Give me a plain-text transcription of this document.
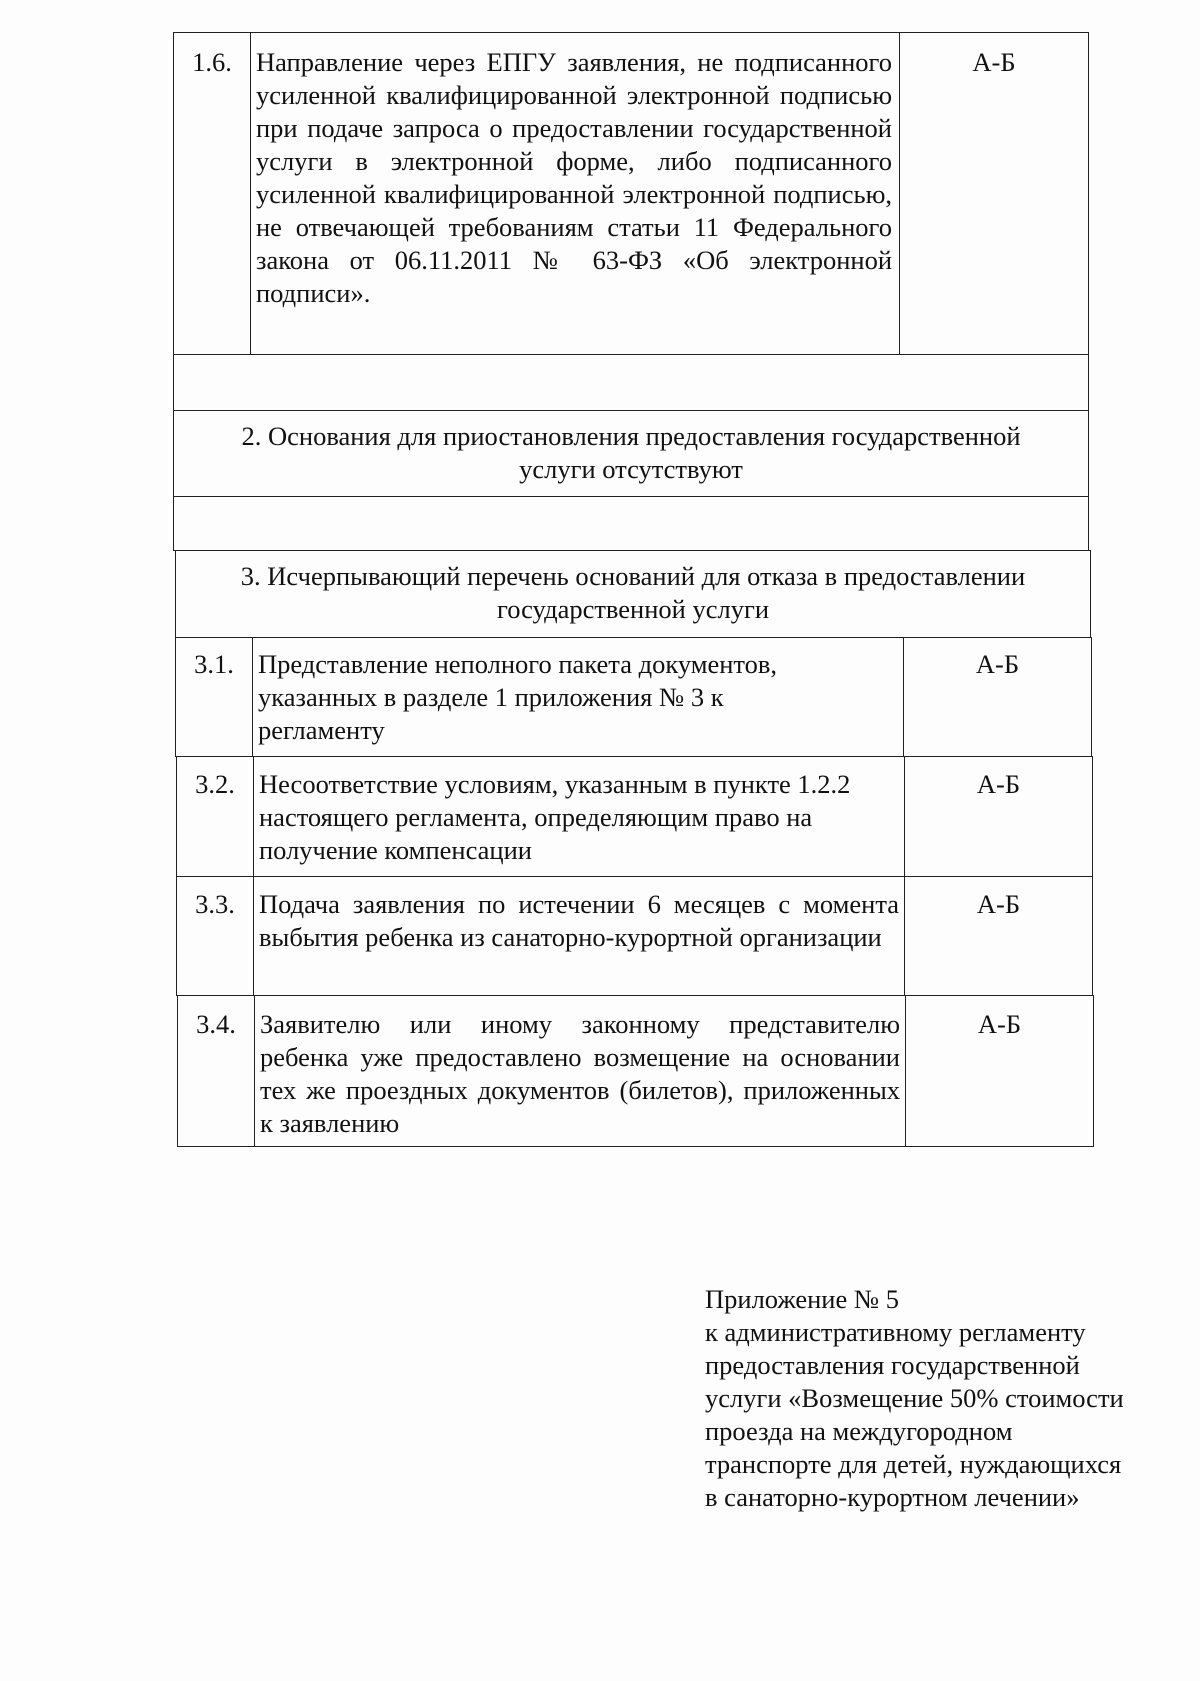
1.6. Направление через ЕПГУ заявления, не подписанного усиленной квалифицированной электронной подписью при подаче запроса о предоставлении государственной услуги в электронной форме, либо подписанного усиленной квалифицированной электронной подписью, не отвечающей требованиям статьи 11 Федерального закона от 06.11.2011 № 63-ФЗ «Об электронной подписи».
А-Б
2. Основания для приостановления предоставления государственной
услуги отсутствуют
3. Исчерпывающий перечень оснований для отказа в предоставлении
государственной услуги
3.1. Представление неполного пакета документов, указанных в разделе 1 приложения № 3 к регламенту
А-Б
3.2. Несоответствие условиям, указанным в пункте 1.2.2 настоящего регламента, определяющим право на получение компенсации
А-Б
3.3. Подача заявления по истечении 6 месяцев с момента выбытия ребенка из санаторно-курортной организации
А-Б
3.4. Заявителю или иному законному представителю ребенка уже предоставлено возмещение на основании тех же проездных документов (билетов), приложенных к заявлению
А-Б
Приложение № 5
к административному регламенту
предоставления государственной
услуги «Возмещение 50% стоимости
проезда на междугородном
транспорте для детей, нуждающихся
в санаторно-курортном лечении»
